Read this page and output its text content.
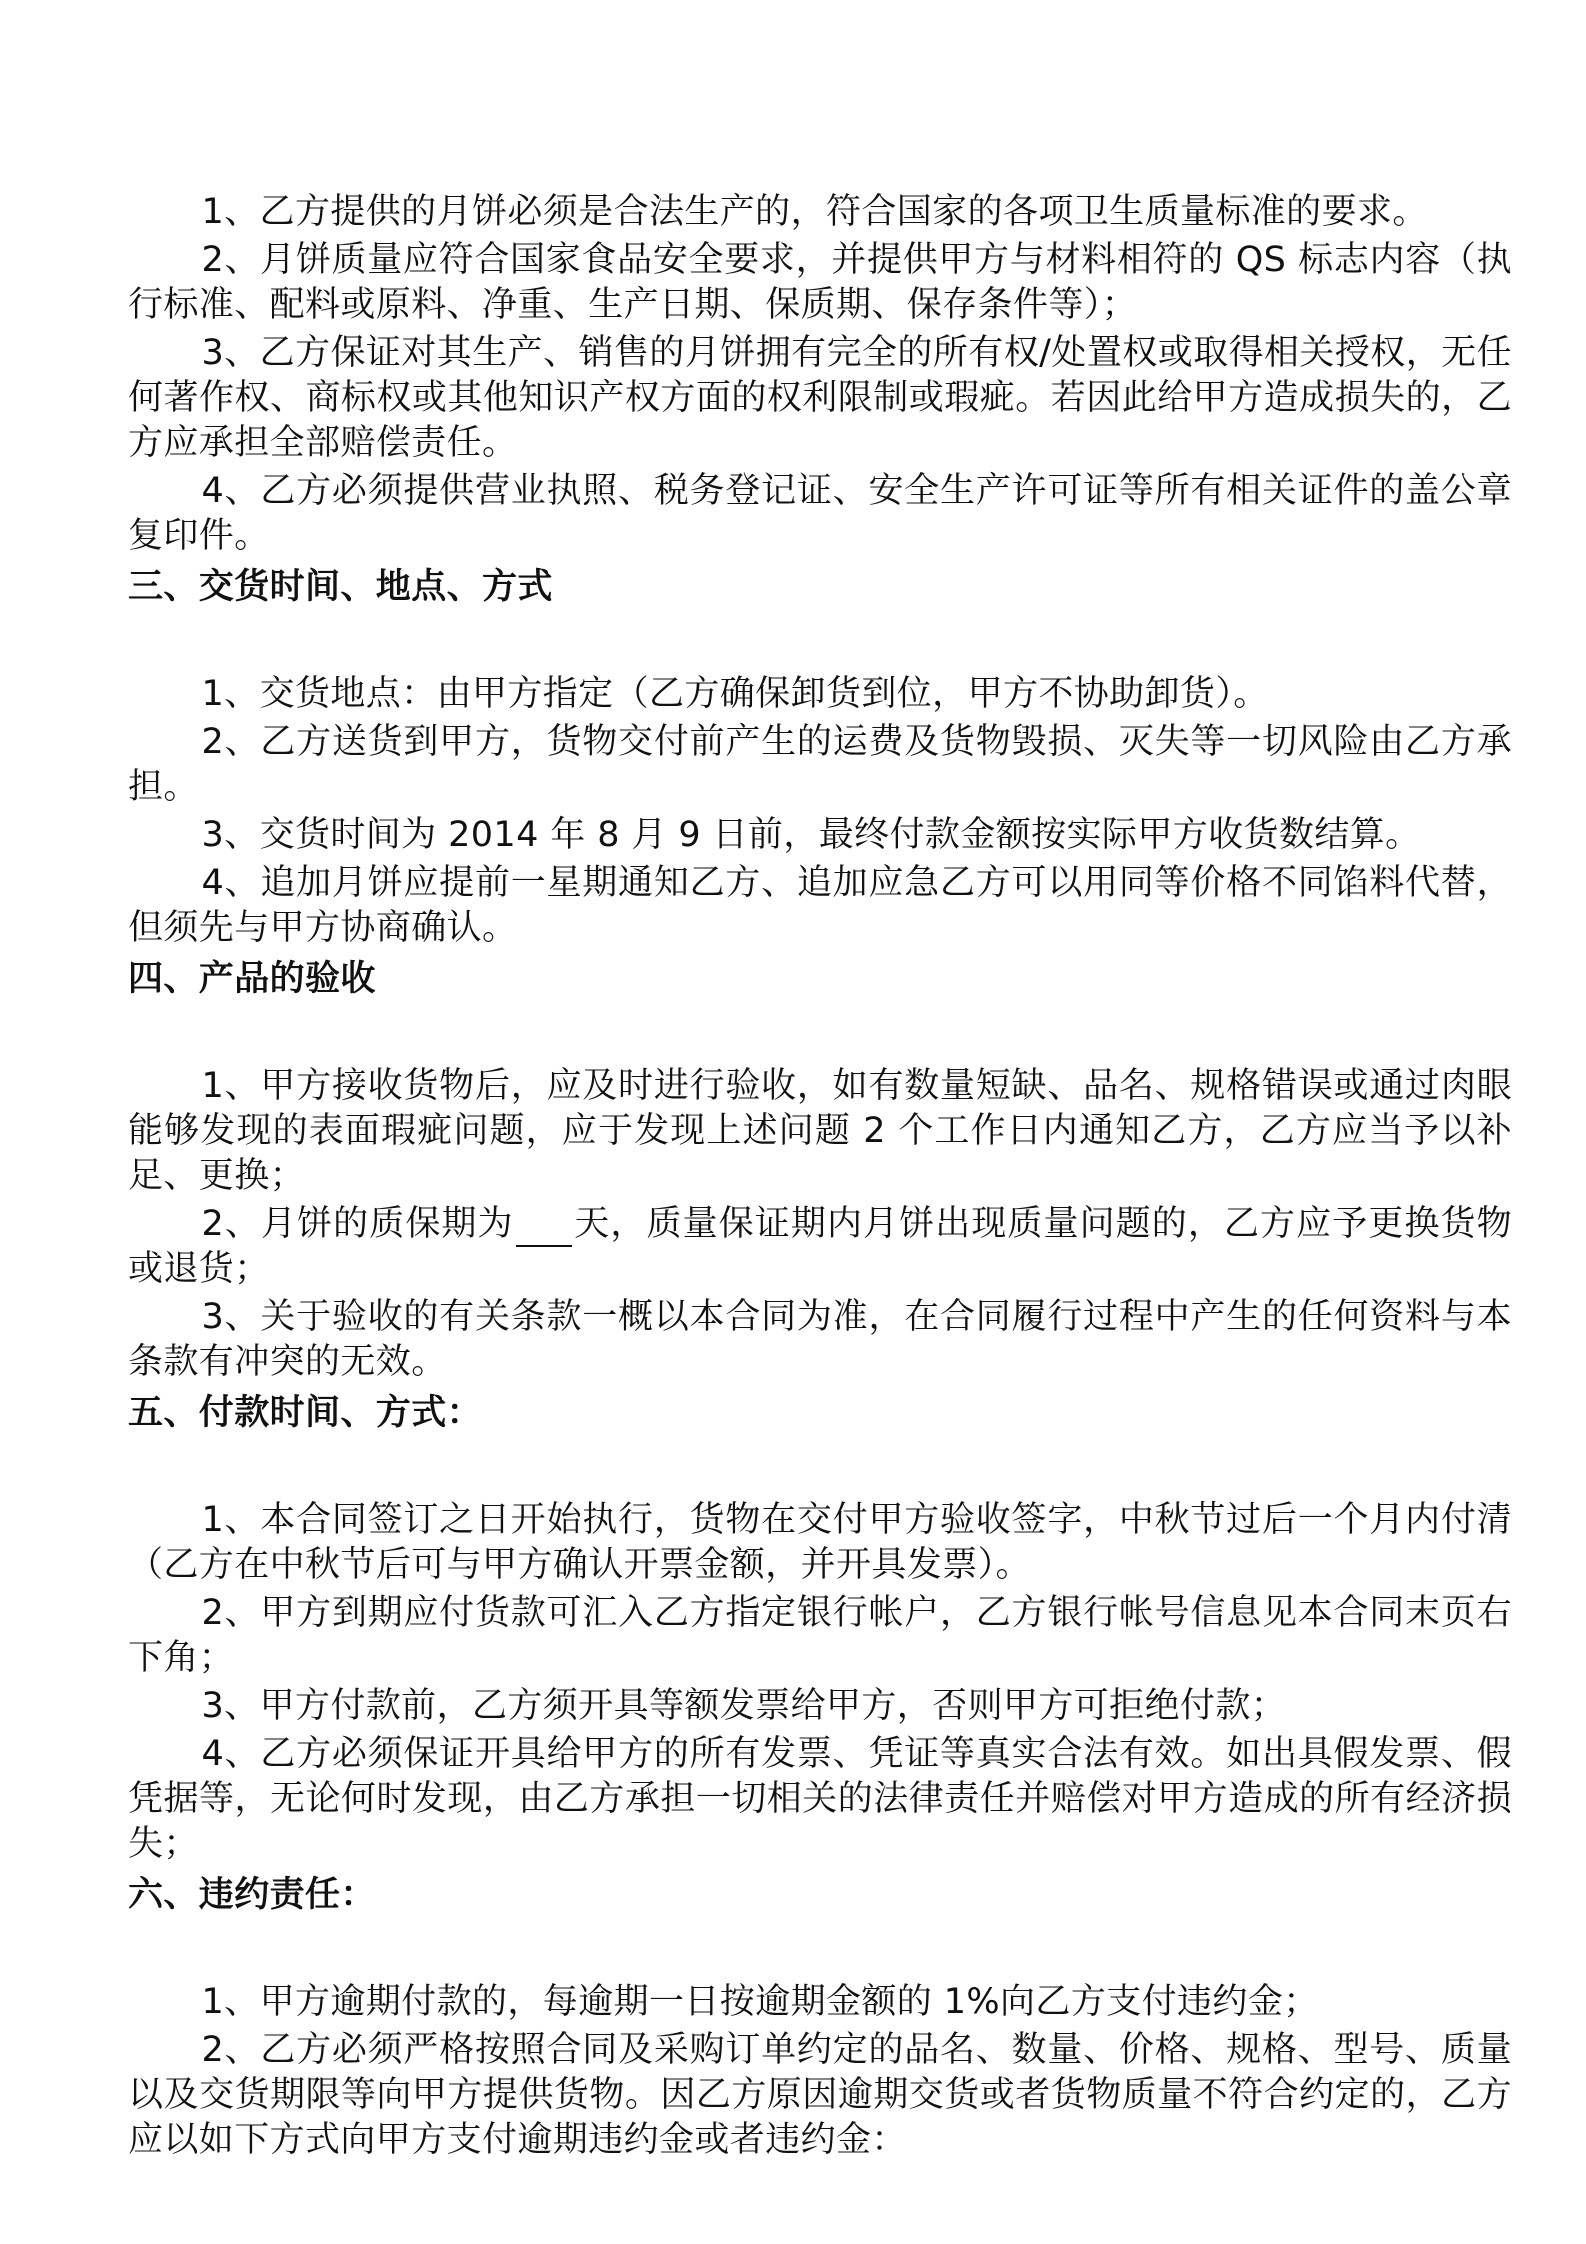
1、乙方提供的月饼必须是合法生产的，符合国家的各项卫生质量标准的要求。

2、月饼质量应符合国家食品安全要求，并提供甲方与材料相符的 QS 标志内容（执行标准、配料或原料、净重、生产日期、保质期、保存条件等）；

3、乙方保证对其生产、销售的月饼拥有完全的所有权/处置权或取得相关授权，无任何著作权、商标权或其他知识产权方面的权利限制或瑕疵。若因此给甲方造成损失的，乙方应承担全部赔偿责任。

4、乙方必须提供营业执照、税务登记证、安全生产许可证等所有相关证件的盖公章复印件。

三、交货时间、地点、方式

1、交货地点：由甲方指定（乙方确保卸货到位，甲方不协助卸货）。

2、乙方送货到甲方，货物交付前产生的运费及货物毁损、灭失等一切风险由乙方承担。

3、交货时间为 2014 年 8 月 9 日前，最终付款金额按实际甲方收货数结算。

4、追加月饼应提前一星期通知乙方、追加应急乙方可以用同等价格不同馅料代替，但须先与甲方协商确认。

四、产品的验收

1、甲方接收货物后，应及时进行验收，如有数量短缺、品名、规格错误或通过肉眼能够发现的表面瑕疵问题，应于发现上述问题 2 个工作日内通知乙方，乙方应当予以补足、更换；

2、月饼的质保期为 天，质量保证期内月饼出现质量问题的，乙方应予更换货物或退货；

3、关于验收的有关条款一概以本合同为准，在合同履行过程中产生的任何资料与本条款有冲突的无效。

五、付款时间、方式：

1、本合同签订之日开始执行，货物在交付甲方验收签字，中秋节过后一个月内付清（乙方在中秋节后可与甲方确认开票金额，并开具发票）。

2、甲方到期应付货款可汇入乙方指定银行帐户，乙方银行帐号信息见本合同末页右下角；

3、甲方付款前，乙方须开具等额发票给甲方，否则甲方可拒绝付款；

4、乙方必须保证开具给甲方的所有发票、凭证等真实合法有效。如出具假发票、假凭据等，无论何时发现，由乙方承担一切相关的法律责任并赔偿对甲方造成的所有经济损失；

六、违约责任：

1、甲方逾期付款的，每逾期一日按逾期金额的 1%向乙方支付违约金；

2、乙方必须严格按照合同及采购订单约定的品名、数量、价格、规格、型号、质量以及交货期限等向甲方提供货物。因乙方原因逾期交货或者货物质量不符合约定的，乙方应以如下方式向甲方支付逾期违约金或者违约金：
